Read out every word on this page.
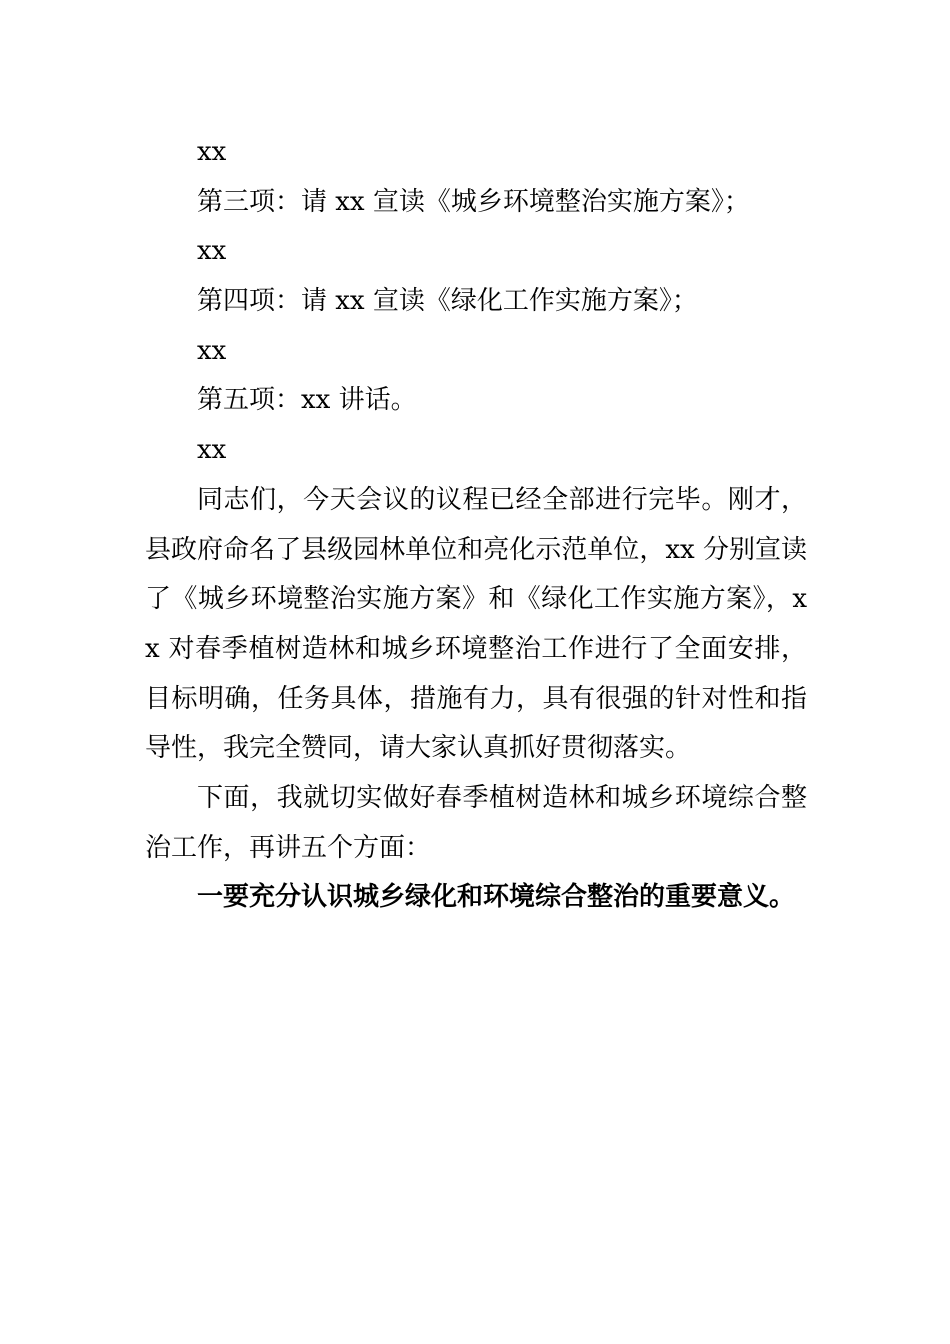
xx
第三项：请 xx 宣读《城乡环境整治实施方案》；
xx
第四项：请 xx 宣读《绿化工作实施方案》；
xx
第五项：xx 讲话。
xx

同志们，今天会议的议程已经全部进行完毕。刚才，县政府命名了县级园林单位和亮化示范单位，xx 分别宣读了《城乡环境整治实施方案》和《绿化工作实施方案》，xx 对春季植树造林和城乡环境整治工作进行了全面安排，目标明确，任务具体，措施有力，具有很强的针对性和指导性，我完全赞同，请大家认真抓好贯彻落实。

下面，我就切实做好春季植树造林和城乡环境综合整治工作，再讲五个方面：

一要充分认识城乡绿化和环境综合整治的重要意义。
